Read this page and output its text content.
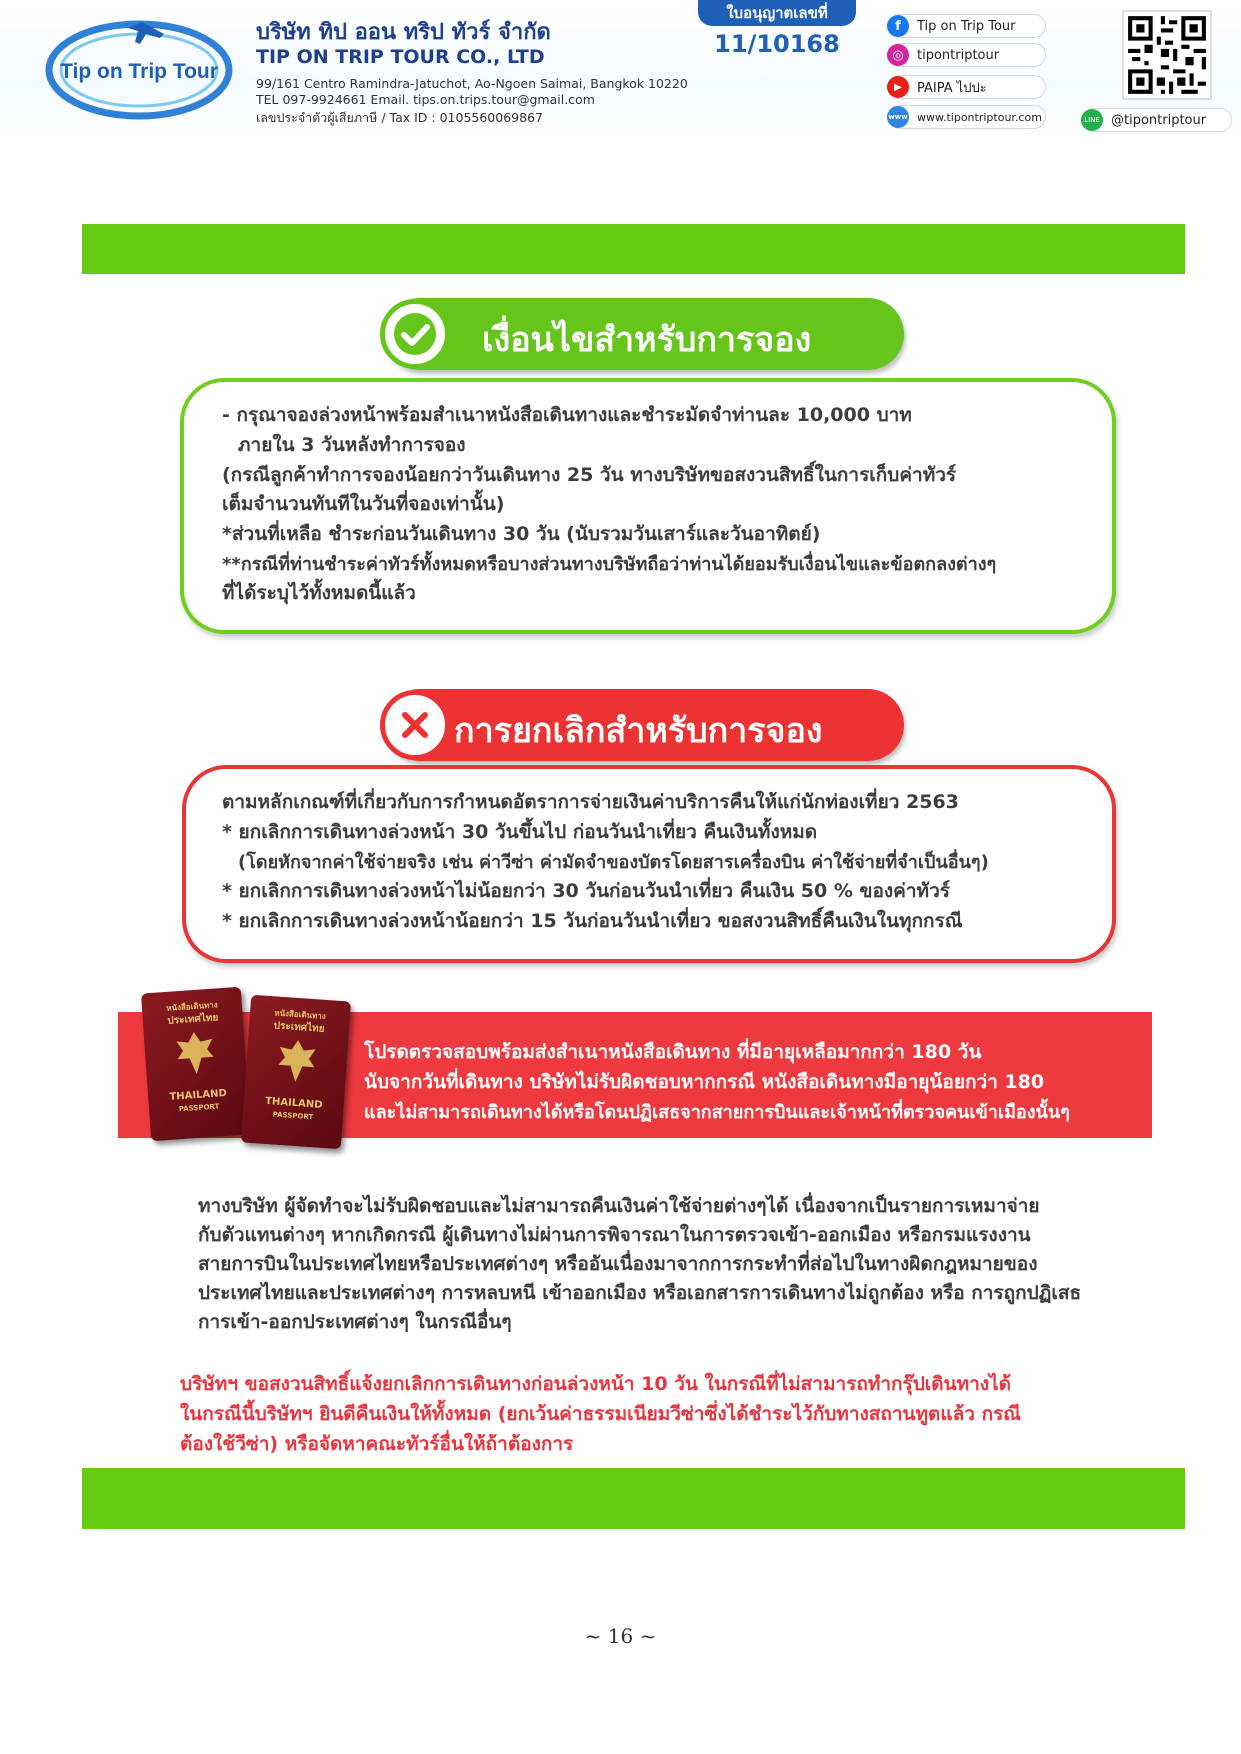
Tip on Trip Tour
บริษัท ทิป ออน ทริป ทัวร์ จำกัด
TIP ON TRIP TOUR CO., LTD
99/161 Centro Ramindra-Jatuchot, Ao-Ngoen Saimai, Bangkok 10220
TEL 097-9924661 Email. tips.on.trips.tour@gmail.com
เลขประจำตัวผู้เสียภาษี / Tax ID : 0105560069867
ใบอนุญาตเลขที่
11/10168
f	Tip on Trip Tour
◎	tipontriptour
▶	PAIPA ไปปะ
www www.tipontriptour.com	LINE @tipontriptour
เงื่อนไขสำหรับการจอง
- กรุณาจองล่วงหน้าพร้อมสำเนาหนังสือเดินทางและชำระมัดจำท่านละ 10,000 บาท
ภายใน 3 วันหลังทำการจอง
(กรณีลูกค้าทำการจองน้อยกว่าวันเดินทาง 25 วัน ทางบริษัทขอสงวนสิทธิ์ในการเก็บค่าทัวร์
เต็มจำนวนทันทีในวันที่จองเท่านั้น)
*ส่วนที่เหลือ ชำระก่อนวันเดินทาง 30 วัน (นับรวมวันเสาร์และวันอาทิตย์)
**กรณีที่ท่านชำระค่าทัวร์ทั้งหมดหรือบางส่วนทางบริษัทถือว่าท่านได้ยอมรับเงื่อนไขและข้อตกลงต่างๆ
ที่ได้ระบุไว้ทั้งหมดนี้แล้ว
การยกเลิกสำหรับการจอง
ตามหลักเกณฑ์ที่เกี่ยวกับการกำหนดอัตราการจ่ายเงินค่าบริการคืนให้แก่นักท่องเที่ยว 2563
* ยกเลิกการเดินทางล่วงหน้า 30 วันขึ้นไป ก่อนวันนำเที่ยว คืนเงินทั้งหมด
(โดยหักจากค่าใช้จ่ายจริง เช่น ค่าวีซ่า ค่ามัดจำของบัตรโดยสารเครื่องบิน ค่าใช้จ่ายที่จำเป็นอื่นๆ)
* ยกเลิกการเดินทางล่วงหน้าไม่น้อยกว่า 30 วันก่อนวันนำเที่ยว คืนเงิน 50 % ของค่าทัวร์
* ยกเลิกการเดินทางล่วงหน้าน้อยกว่า 15 วันก่อนวันนำเที่ยว ขอสงวนสิทธิ์คืนเงินในทุกกรณี
หนังสือเดินทาง
ประเทศไทย
THAILAND
PASSPORT
หนังสือเดินทาง
ประเทศไทย
THAILAND
PASSPORT
โปรดตรวจสอบพร้อมส่งสำเนาหนังสือเดินทาง ที่มีอายุเหลือมากกว่า 180 วัน
นับจากวันที่เดินทาง บริษัทไม่รับผิดชอบหากกรณี หนังสือเดินทางมีอายุน้อยกว่า 180
และไม่สามารถเดินทางได้หรือโดนปฏิเสธจากสายการบินและเจ้าหน้าที่ตรวจคนเข้าเมืองนั้นๆ
ทางบริษัท ผู้จัดทำจะไม่รับผิดชอบและไม่สามารถคืนเงินค่าใช้จ่ายต่างๆได้ เนื่องจากเป็นรายการเหมาจ่าย
กับตัวแทนต่างๆ หากเกิดกรณี ผู้เดินทางไม่ผ่านการพิจารณาในการตรวจเข้า-ออกเมือง หรือกรมแรงงาน
สายการบินในประเทศไทยหรือประเทศต่างๆ หรืออันเนื่องมาจากการกระทำที่ส่อไปในทางผิดกฎหมายของ
ประเทศไทยและประเทศต่างๆ การหลบหนี เข้าออกเมือง หรือเอกสารการเดินทางไม่ถูกต้อง หรือ การถูกปฏิเสธ
การเข้า-ออกประเทศต่างๆ ในกรณีอื่นๆ
บริษัทฯ ขอสงวนสิทธิ์แจ้งยกเลิกการเดินทางก่อนล่วงหน้า 10 วัน ในกรณีที่ไม่สามารถทำกรุ๊ปเดินทางได้
ในกรณีนี้บริษัทฯ ยินดีคืนเงินให้ทั้งหมด (ยกเว้นค่าธรรมเนียมวีซ่าซึ่งได้ชำระไว้กับทางสถานทูตแล้ว กรณี
ต้องใช้วีซ่า) หรือจัดหาคณะทัวร์อื่นให้ถ้าต้องการ
~ 16 ~
